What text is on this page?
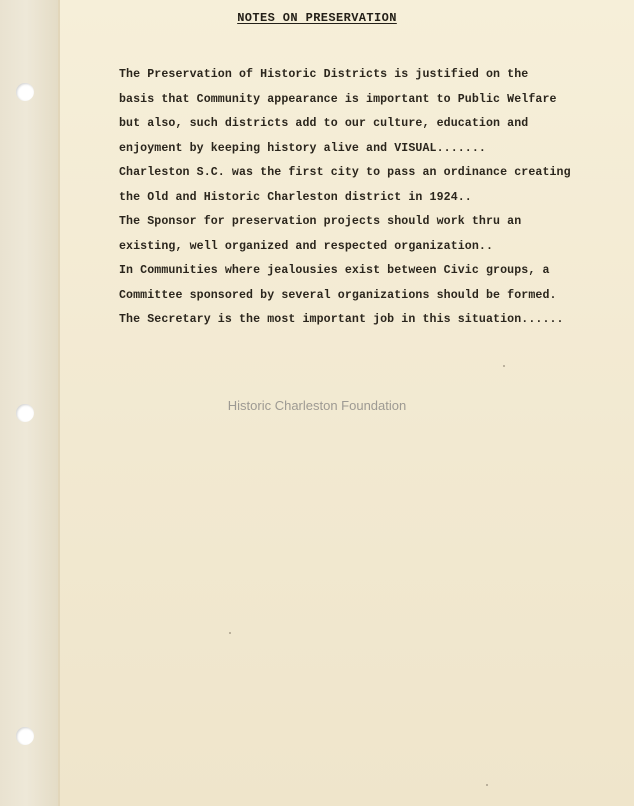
NOTES ON PRESERVATION
The Preservation of Historic Districts is justified on the
basis that Community appearance is important to Public Welfare
but also, such districts add to our culture, education and
enjoyment by keeping history alive and VISUAL.......
Charleston S.C. was the first city to pass an ordinance creating
the Old and Historic Charleston district in 1924..
The Sponsor for preservation projects should work thru an
existing, well organized and respected organization..
In Communities where jealousies exist between Civic groups, a
Committee sponsored by several organizations should be formed.
The Secretary is the most important job in this situation......
Historic Charleston Foundation
